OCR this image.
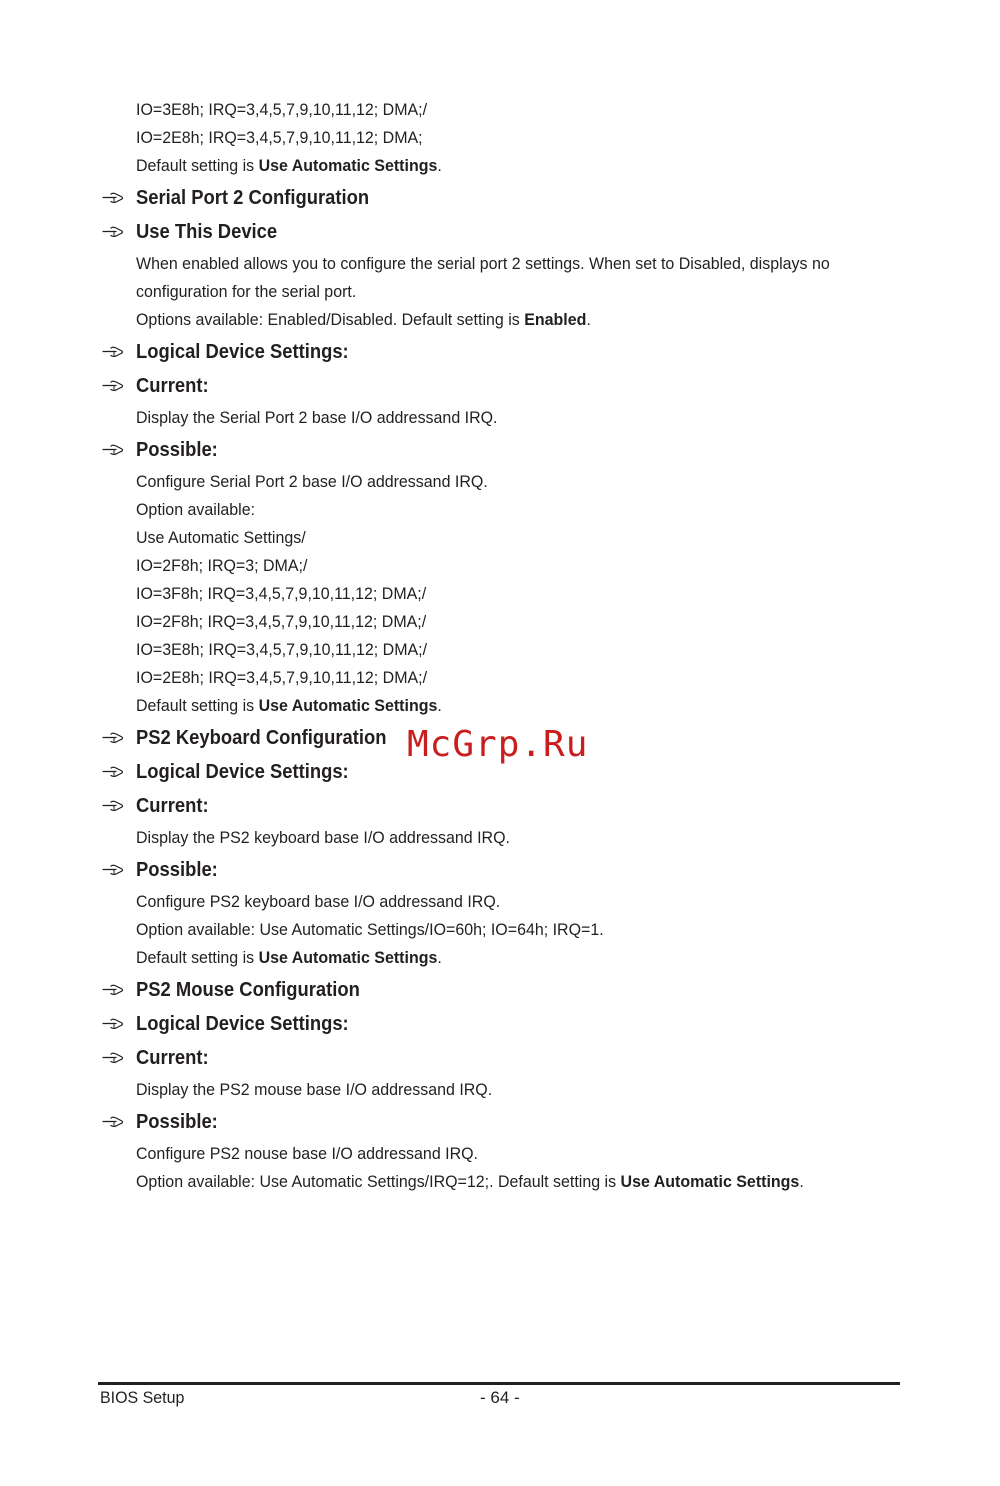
IO=3E8h; IRQ=3,4,5,7,9,10,11,12; DMA;/

IO=2E8h; IRQ=3,4,5,7,9,10,11,12; DMA;

Default setting is Use Automatic Settings.

Serial Port 2 Configuration
Use This Device

When enabled allows you to configure the serial port 2 settings. When set to Disabled, displays no configuration for the serial port.

Options available: Enabled/Disabled. Default setting is Enabled.

Logical Device Settings:
Current:

Display the Serial Port 2 base I/O addressand IRQ.

Possible:

Configure Serial Port 2 base I/O addressand IRQ.

Option available:

Use Automatic Settings/

IO=2F8h; IRQ=3; DMA;/

IO=3F8h; IRQ=3,4,5,7,9,10,11,12; DMA;/

IO=2F8h; IRQ=3,4,5,7,9,10,11,12; DMA;/

IO=3E8h; IRQ=3,4,5,7,9,10,11,12; DMA;/

IO=2E8h; IRQ=3,4,5,7,9,10,11,12; DMA;/

Default setting is Use Automatic Settings.

PS2 Keyboard Configuration
Logical Device Settings:
Current:

Display the PS2 keyboard base I/O addressand IRQ.

Possible:

Configure PS2 keyboard base I/O addressand IRQ.

Option available: Use Automatic Settings/IO=60h; IO=64h; IRQ=1.

Default setting is Use Automatic Settings.

PS2 Mouse Configuration
Logical Device Settings:
Current:

Display the PS2 mouse base I/O addressand IRQ.

Possible:

Configure PS2 nouse base I/O addressand IRQ.

Option available: Use Automatic Settings/IRQ=12;. Default setting is Use Automatic Settings.

McGrp.Ru
BIOS Setup	- 64 -
